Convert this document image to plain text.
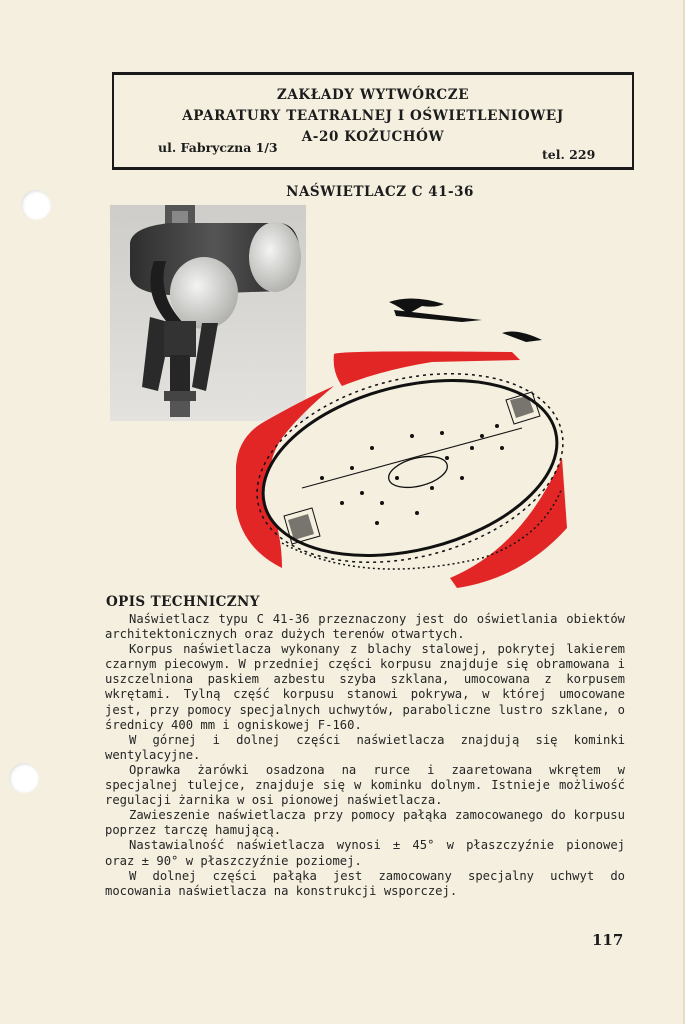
ZAKŁADY WYTWÓRCZE
APARATURY TEATRALNEJ I OŚWIETLENIOWEJ
A-20 KOŻUCHÓW
ul. Fabryczna 1/3	tel. 229
NAŚWIETLACZ C 41-36
OPIS TECHNICZNY

Naświetlacz typu C 41-36 przeznaczony jest do oświetlania obiektów architektonicznych oraz dużych terenów otwartych.

Korpus naświetlacza wykonany z blachy stalowej, pokrytej lakierem czarnym piecowym. W przedniej części korpusu znajduje się obramowana i uszczelniona paskiem azbestu szyba szklana, umocowana z korpusem wkrętami. Tylną część korpusu stanowi pokrywa, w której umocowane jest, przy pomocy specjalnych uchwytów, paraboliczne lustro szklane, o średnicy 400 mm i ogniskowej F-160.

W górnej i dolnej części naświetlacza znajdują się kominki wentylacyjne.

Oprawka żarówki osadzona na rurce i zaaretowana wkrętem w specjalnej tulejce, znajduje się w kominku dolnym. Istnieje możliwość regulacji żarnika w osi pionowej naświetlacza.

Zawieszenie naświetlacza przy pomocy pałąka zamocowanego do korpusu poprzez tarczę hamującą.

Nastawialność naświetlacza wynosi ± 45° w płaszczyźnie pionowej oraz ± 90° w płaszczyźnie poziomej.

W dolnej części pałąka jest zamocowany specjalny uchwyt do mocowania naświetlacza na konstrukcji wsporczej.

117
